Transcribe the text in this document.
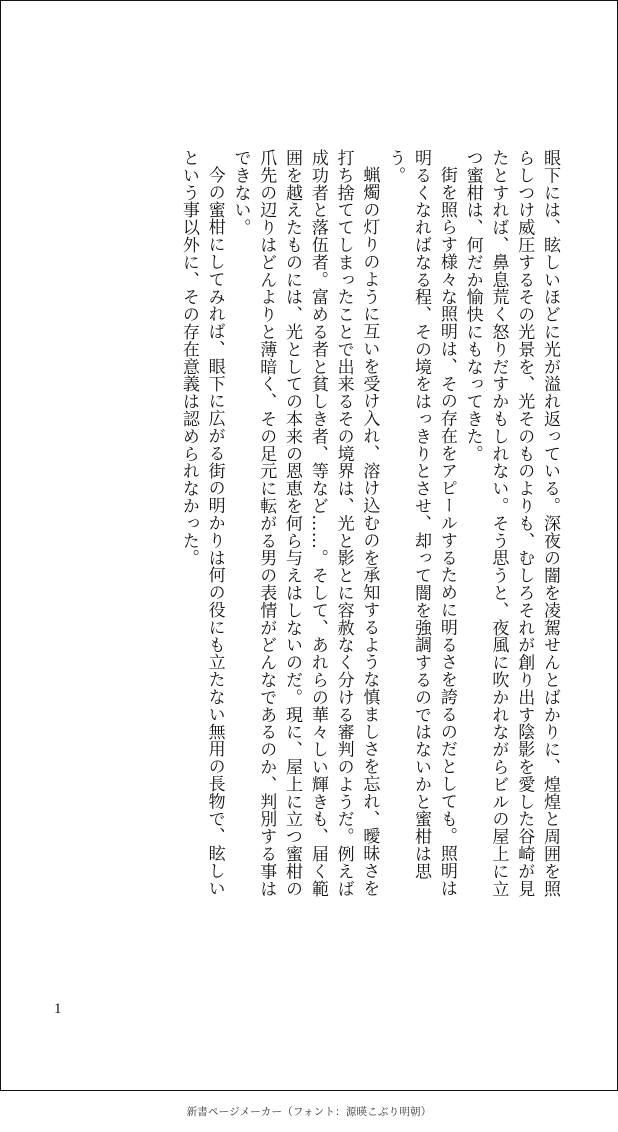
眼下には、眩しいほどに光が溢れ返っている。深夜の闇を凌駕せんとばかりに、煌煌と周囲を照らしつけ威圧するその光景を、光そのものよりも、むしろそれが創り出す陰影を愛した谷崎が見たとすれば、鼻息荒く怒りだすかもしれない。そう思うと、夜風に吹かれながらビルの屋上に立つ蜜柑は、何だか愉快にもなってきた。

街を照らす様々な照明は、その存在をアピールするために明るさを誇るのだとしても。照明は明るくなればなる程、その境をはっきりとさせ、却って闇を強調するのではないかと蜜柑は思う。

蝋燭の灯りのように互いを受け入れ、溶け込むのを承知するような慎ましさを忘れ、曖昧さを打ち捨ててしまったことで出来るその境界は、光と影とに容赦なく分ける審判のようだ。例えば成功者と落伍者。富める者と貧しき者、等など……。そして、あれらの華々しい輝きも、届く範囲を越えたものには、光としての本来の恩恵を何ら与えはしないのだ。現に、屋上に立つ蜜柑の爪先の辺りはどんよりと薄暗く、その足元に転がる男の表情がどんなであるのか、判別する事はできない。

今の蜜柑にしてみれば、眼下に広がる街の明かりは何の役にも立たない無用の長物で、眩しいという事以外に、その存在意義は認められなかった。

1
新書ページメーカー（フォント：源暎こぶり明朝）
